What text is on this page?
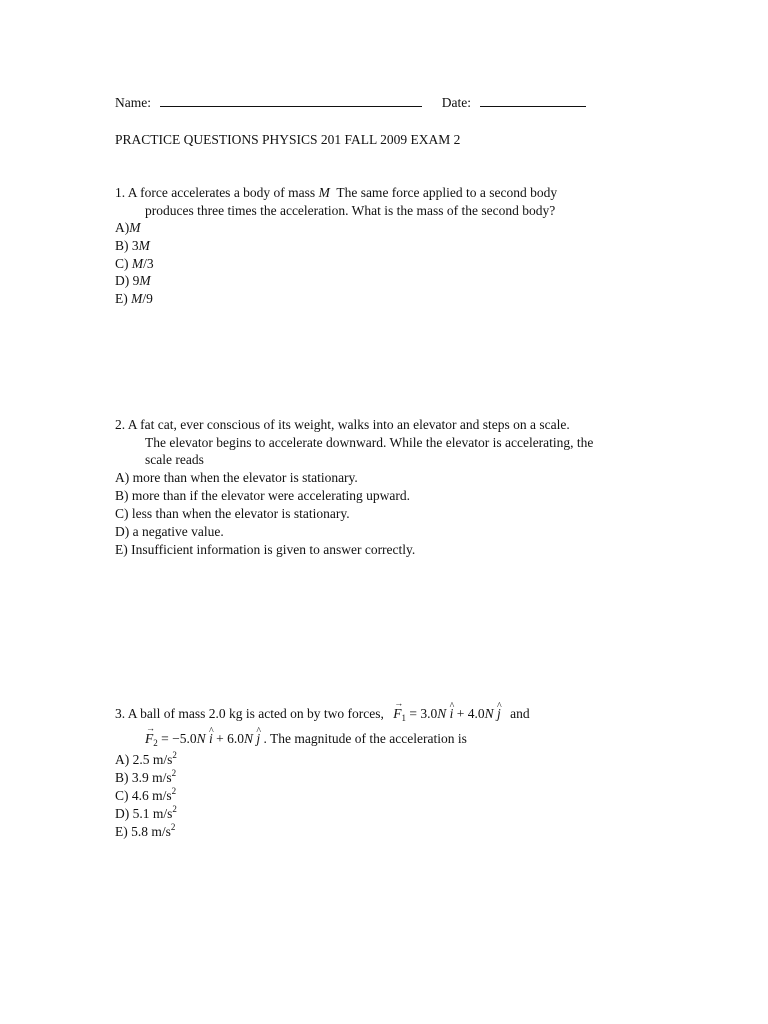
Name:	Date:
PRACTICE QUESTIONS PHYSICS 201 FALL 2009 EXAM 2
1. A force accelerates a body of mass M The same force applied to a second body
produces three times the acceleration. What is the mass of the second body?
A)M
B) 3M
C) M/3
D) 9M
E) M/9
2. A fat cat, ever conscious of its weight, walks into an elevator and steps on a scale.
The elevator begins to accelerate downward. While the elevator is accelerating, the
scale reads
A) more than when the elevator is stationary.
B) more than if the elevator were accelerating upward.
C) less than when the elevator is stationary.
D) a negative value.
E) Insufficient information is given to answer correctly.
3. A ball of mass 2.0 kg is acted on by two forces, → $F_1 = 3.0N$ ^ i + 4.0N ^ j and
→ $F_2 = -5.0N$ ^ i + 6.0N ^ j . The magnitude of the acceleration is
A) 2.5 $m/s^2$
B) 3.9 $m/s^2$
C) 4.6 $m/s^2$
D) 5.1 $m/s^2$
E) 5.8 $m/s^2$
